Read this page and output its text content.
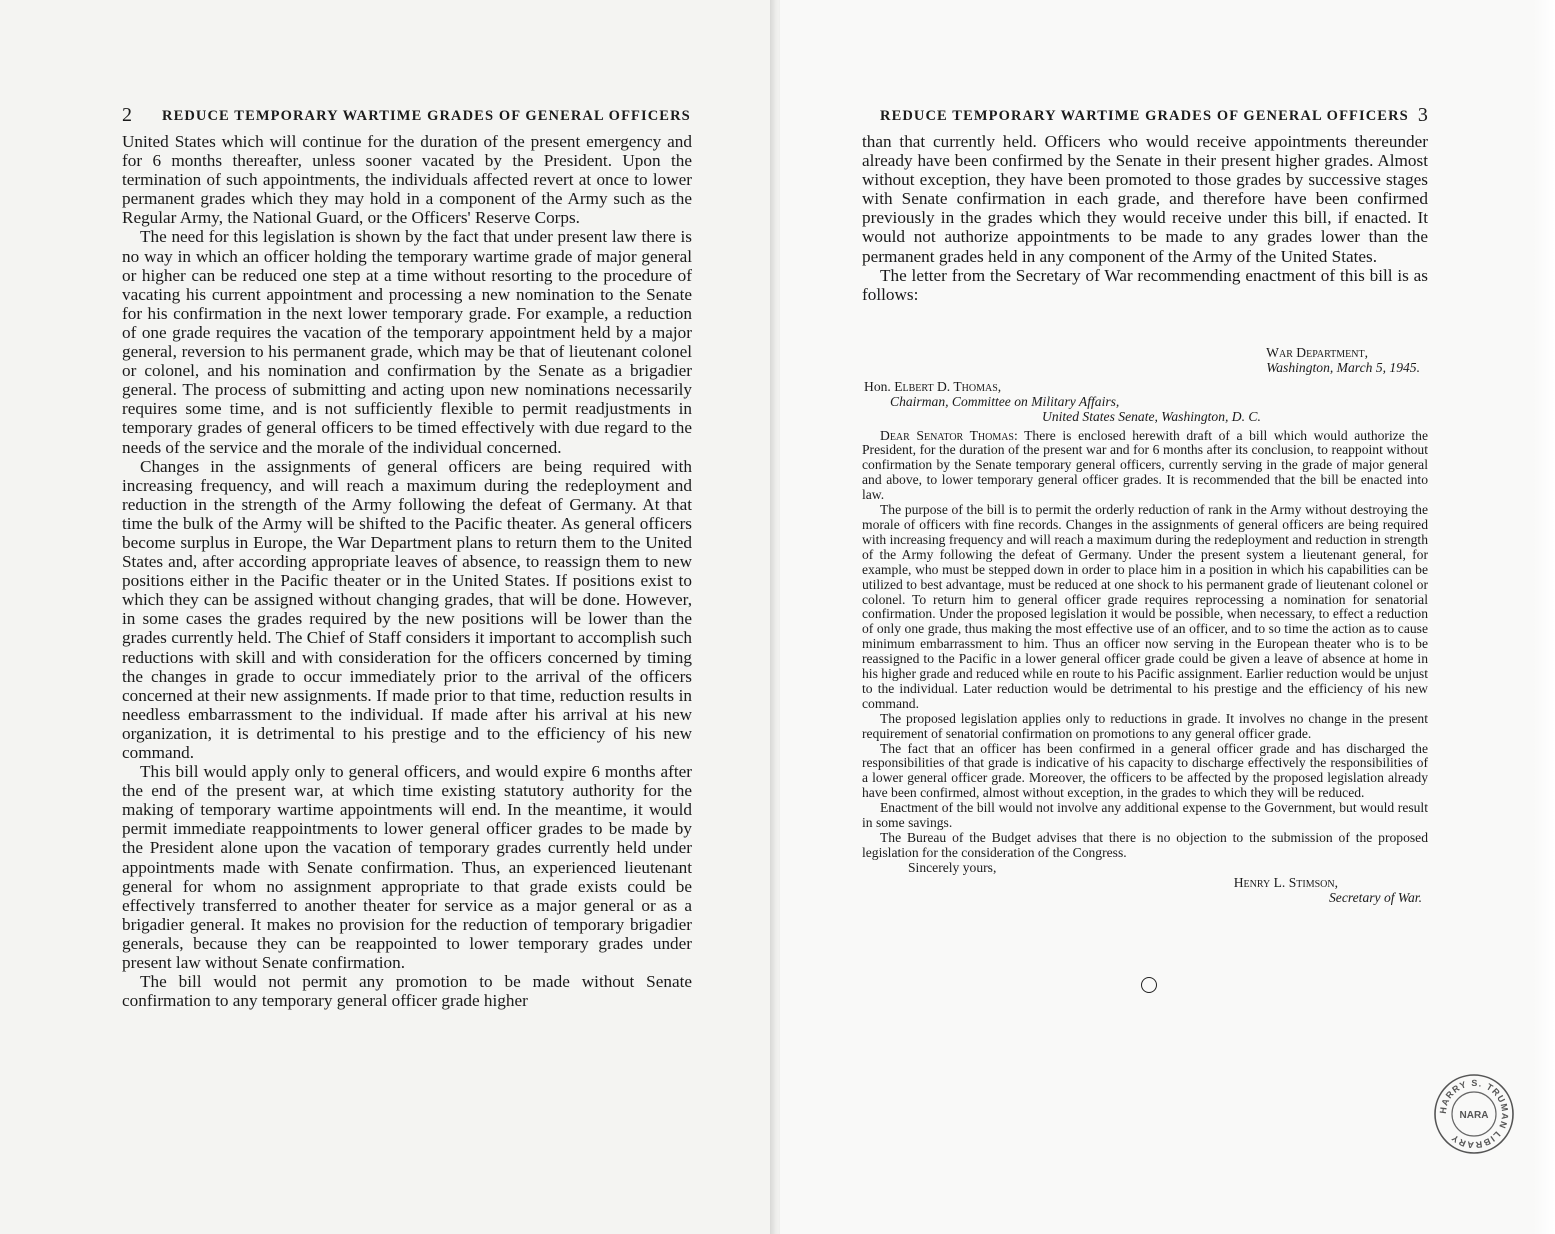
2 REDUCE TEMPORARY WARTIME GRADES OF GENERAL OFFICERS

United States which will continue for the duration of the present emergency and for 6 months thereafter, unless sooner vacated by the President. Upon the termination of such appointments, the individuals affected revert at once to lower permanent grades which they may hold in a component of the Army such as the Regular Army, the National Guard, or the Officers' Reserve Corps.

The need for this legislation is shown by the fact that under present law there is no way in which an officer holding the temporary wartime grade of major general or higher can be reduced one step at a time without resorting to the procedure of vacating his current appointment and processing a new nomination to the Senate for his confirmation in the next lower temporary grade. For example, a reduction of one grade requires the vacation of the temporary appointment held by a major general, reversion to his permanent grade, which may be that of lieutenant colonel or colonel, and his nomination and confirmation by the Senate as a brigadier general. The process of submitting and acting upon new nominations necessarily requires some time, and is not sufficiently flexible to permit readjustments in temporary grades of general officers to be timed effectively with due regard to the needs of the service and the morale of the individual concerned.

Changes in the assignments of general officers are being required with increasing frequency, and will reach a maximum during the redeployment and reduction in the strength of the Army following the defeat of Germany. At that time the bulk of the Army will be shifted to the Pacific theater. As general officers become surplus in Europe, the War Department plans to return them to the United States and, after according appropriate leaves of absence, to reassign them to new positions either in the Pacific theater or in the United States. If positions exist to which they can be assigned without changing grades, that will be done. However, in some cases the grades required by the new positions will be lower than the grades currently held. The Chief of Staff considers it important to accomplish such reductions with skill and with consideration for the officers concerned by timing the changes in grade to occur immediately prior to the arrival of the officers concerned at their new assignments. If made prior to that time, reduction results in needless embarrassment to the individual. If made after his arrival at his new organization, it is detrimental to his prestige and to the efficiency of his new command.

This bill would apply only to general officers, and would expire 6 months after the end of the present war, at which time existing statutory authority for the making of temporary wartime appointments will end. In the meantime, it would permit immediate reappointments to lower general officer grades to be made by the President alone upon the vacation of temporary grades currently held under appointments made with Senate confirmation. Thus, an experienced lieutenant general for whom no assignment appropriate to that grade exists could be effectively transferred to another theater for service as a major general or as a brigadier general. It makes no provision for the reduction of temporary brigadier generals, because they can be reappointed to lower temporary grades under present law without Senate confirmation.

The bill would not permit any promotion to be made without Senate confirmation to any temporary general officer grade higher

REDUCE TEMPORARY WARTIME GRADES OF GENERAL OFFICERS 3

than that currently held. Officers who would receive appointments thereunder already have been confirmed by the Senate in their present higher grades. Almost without exception, they have been promoted to those grades by successive stages with Senate confirmation in each grade, and therefore have been confirmed previously in the grades which they would receive under this bill, if enacted. It would not authorize appointments to be made to any grades lower than the permanent grades held in any component of the Army of the United States.

The letter from the Secretary of War recommending enactment of this bill is as follows:

War Department,
Washington, March 5, 1945.
Hon. Elbert D. Thomas,
Chairman, Committee on Military Affairs,
United States Senate, Washington, D. C.

Dear Senator Thomas: There is enclosed herewith draft of a bill which would authorize the President, for the duration of the present war and for 6 months after its conclusion, to reappoint without confirmation by the Senate temporary general officers, currently serving in the grade of major general and above, to lower temporary general officer grades. It is recommended that the bill be enacted into law.

The purpose of the bill is to permit the orderly reduction of rank in the Army without destroying the morale of officers with fine records. Changes in the assignments of general officers are being required with increasing frequency and will reach a maximum during the redeployment and reduction in strength of the Army following the defeat of Germany. Under the present system a lieutenant general, for example, who must be stepped down in order to place him in a position in which his capabilities can be utilized to best advantage, must be reduced at one shock to his permanent grade of lieutenant colonel or colonel. To return him to general officer grade requires reprocessing a nomination for senatorial confirmation. Under the proposed legislation it would be possible, when necessary, to effect a reduction of only one grade, thus making the most effective use of an officer, and to so time the action as to cause minimum embarrassment to him. Thus an officer now serving in the European theater who is to be reassigned to the Pacific in a lower general officer grade could be given a leave of absence at home in his higher grade and reduced while en route to his Pacific assignment. Earlier reduction would be unjust to the individual. Later reduction would be detrimental to his prestige and the efficiency of his new command.

The proposed legislation applies only to reductions in grade. It involves no change in the present requirement of senatorial confirmation on promotions to any general officer grade.

The fact that an officer has been confirmed in a general officer grade and has discharged the responsibilities of that grade is indicative of his capacity to discharge effectively the responsibilities of a lower general officer grade. Moreover, the officers to be affected by the proposed legislation already have been confirmed, almost without exception, in the grades to which they will be reduced.

Enactment of the bill would not involve any additional expense to the Government, but would result in some savings.

The Bureau of the Budget advises that there is no objection to the submission of the proposed legislation for the consideration of the Congress.

Sincerely yours,
Henry L. Stimson,
Secretary of War.
HARRY S. TRUMAN LIBRARY
NARA
